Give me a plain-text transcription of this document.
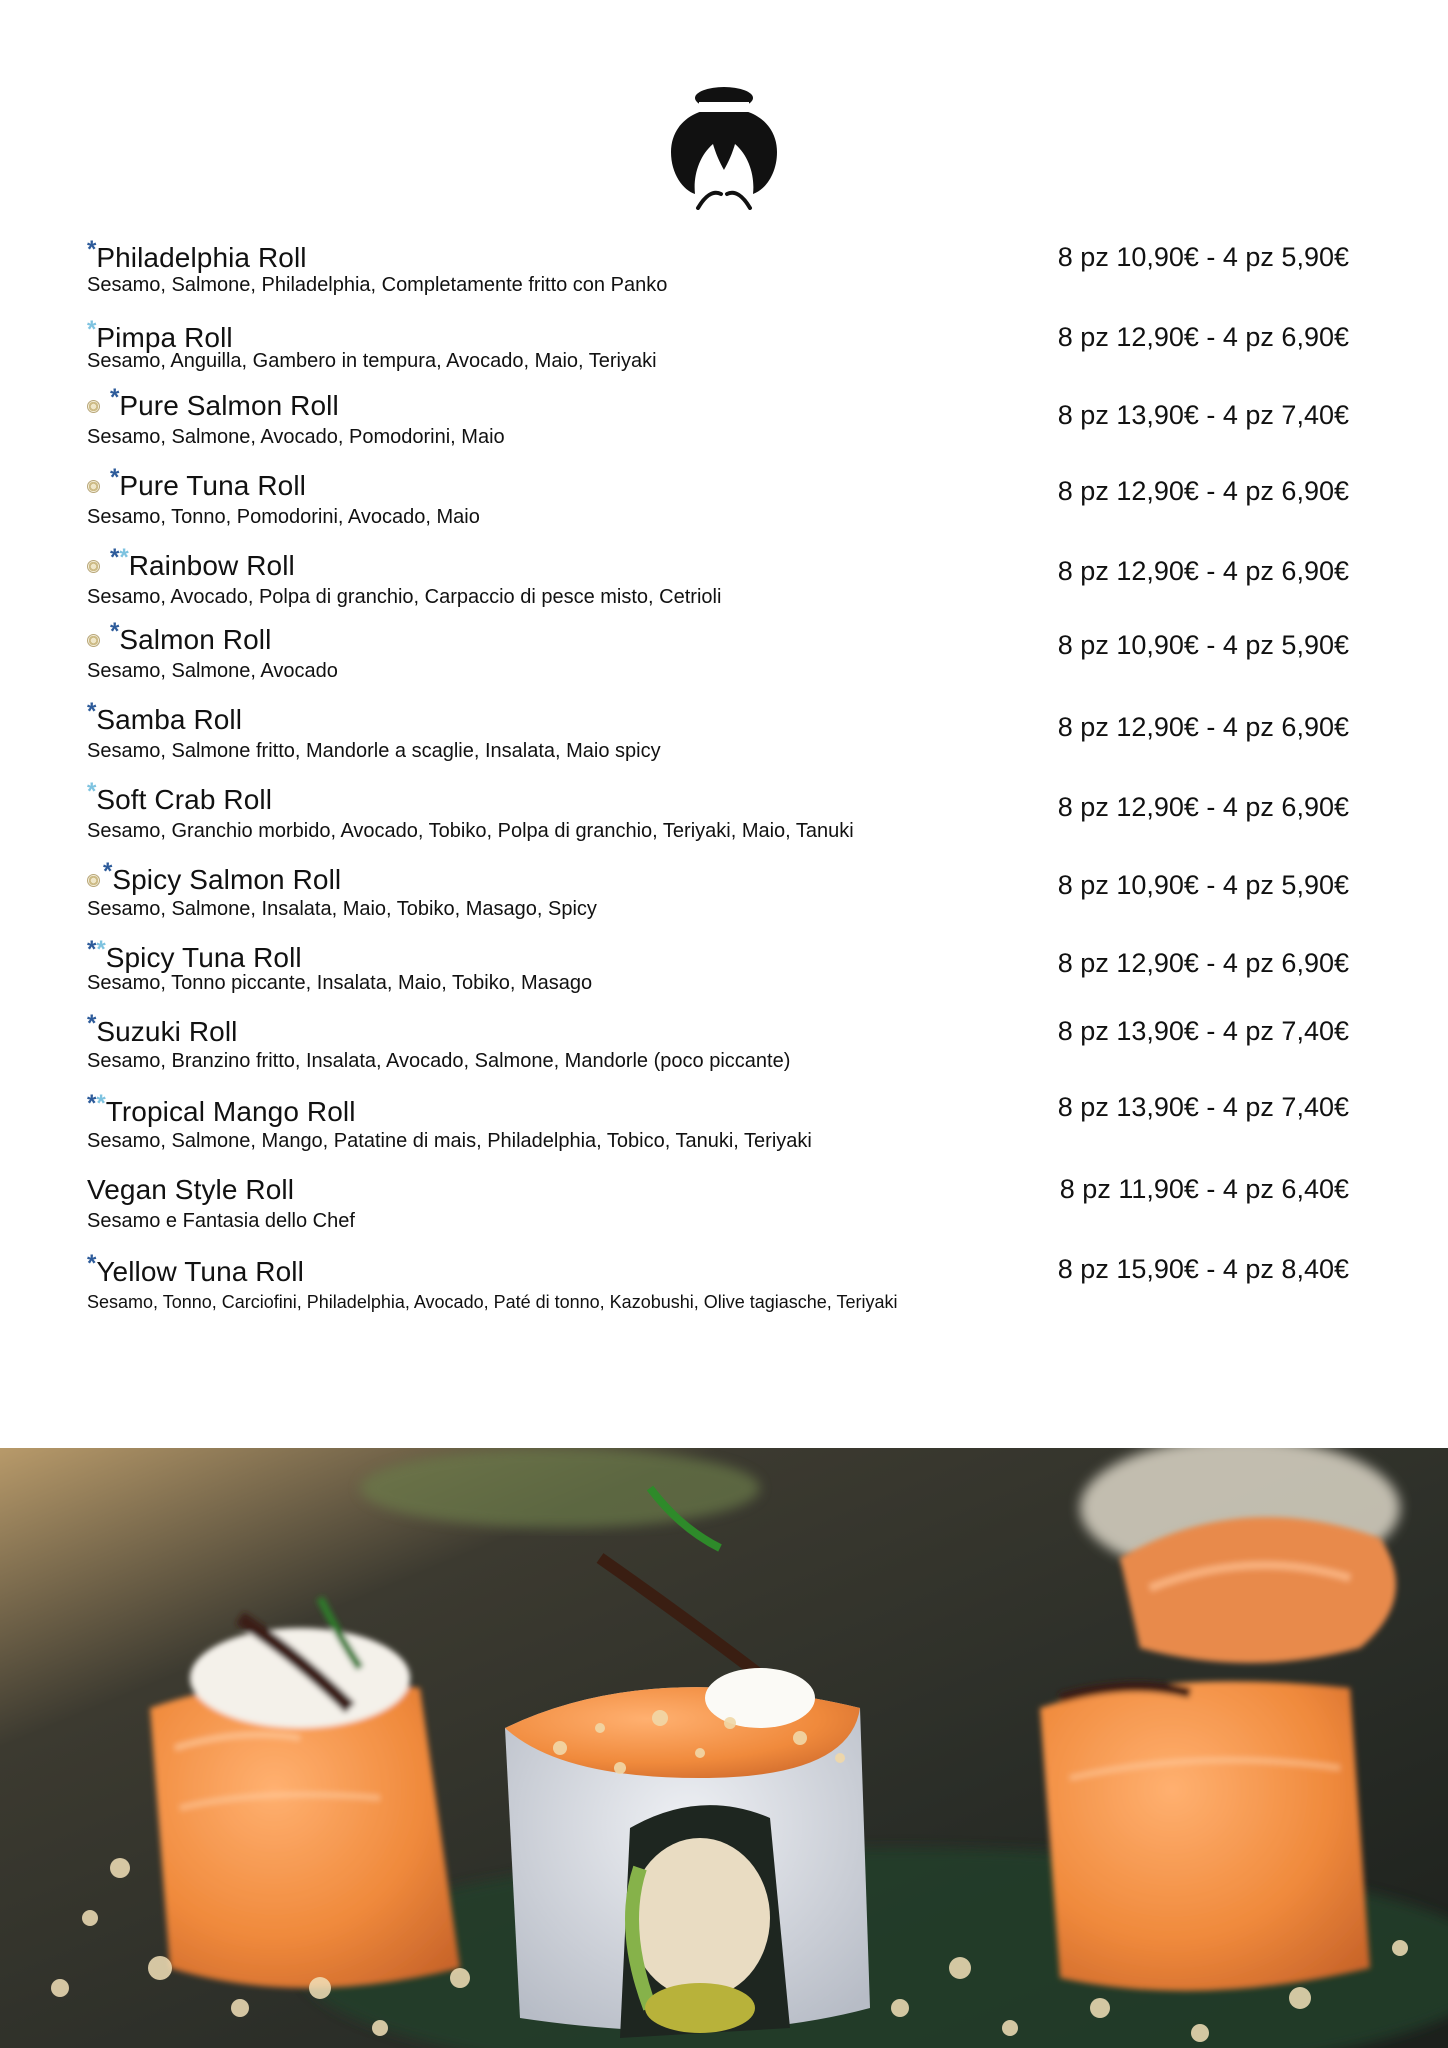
*Philadelphia Roll
Sesamo, Salmone, Philadelphia, Completamente fritto con Panko
8 pz 10,90€ - 4 pz 5,90€
*Pimpa Roll
Sesamo, Anguilla, Gambero in tempura, Avocado, Maio, Teriyaki
8 pz 12,90€ - 4 pz 6,90€
*Pure Salmon Roll
Sesamo, Salmone, Avocado, Pomodorini, Maio
8 pz 13,90€ - 4 pz 7,40€
*Pure Tuna Roll
Sesamo, Tonno, Pomodorini, Avocado, Maio
8 pz 12,90€ - 4 pz 6,90€
**Rainbow Roll
Sesamo, Avocado, Polpa di granchio, Carpaccio di pesce misto, Cetrioli
8 pz 12,90€ - 4 pz 6,90€
*Salmon Roll
Sesamo, Salmone, Avocado
8 pz 10,90€ - 4 pz 5,90€
*Samba Roll
Sesamo, Salmone fritto, Mandorle a scaglie, Insalata, Maio spicy
8 pz 12,90€ - 4 pz 6,90€
*Soft Crab Roll
Sesamo, Granchio morbido, Avocado, Tobiko, Polpa di granchio, Teriyaki, Maio, Tanuki
8 pz 12,90€ - 4 pz 6,90€
*Spicy Salmon Roll
Sesamo, Salmone, Insalata, Maio, Tobiko, Masago, Spicy
8 pz 10,90€ - 4 pz 5,90€
**Spicy Tuna Roll
Sesamo, Tonno piccante, Insalata, Maio, Tobiko, Masago
8 pz 12,90€ - 4 pz 6,90€
*Suzuki Roll
Sesamo, Branzino fritto, Insalata, Avocado, Salmone, Mandorle (poco piccante)
8 pz 13,90€ - 4 pz 7,40€
**Tropical Mango Roll
Sesamo, Salmone, Mango, Patatine di mais, Philadelphia, Tobico, Tanuki, Teriyaki
8 pz 13,90€ - 4 pz 7,40€
Vegan Style Roll
Sesamo e Fantasia dello Chef
8 pz 11,90€ - 4 pz 6,40€
*Yellow Tuna Roll
Sesamo, Tonno, Carciofini, Philadelphia, Avocado, Paté di tonno, Kazobushi, Olive tagiasche, Teriyaki
8 pz 15,90€ - 4 pz 8,40€
